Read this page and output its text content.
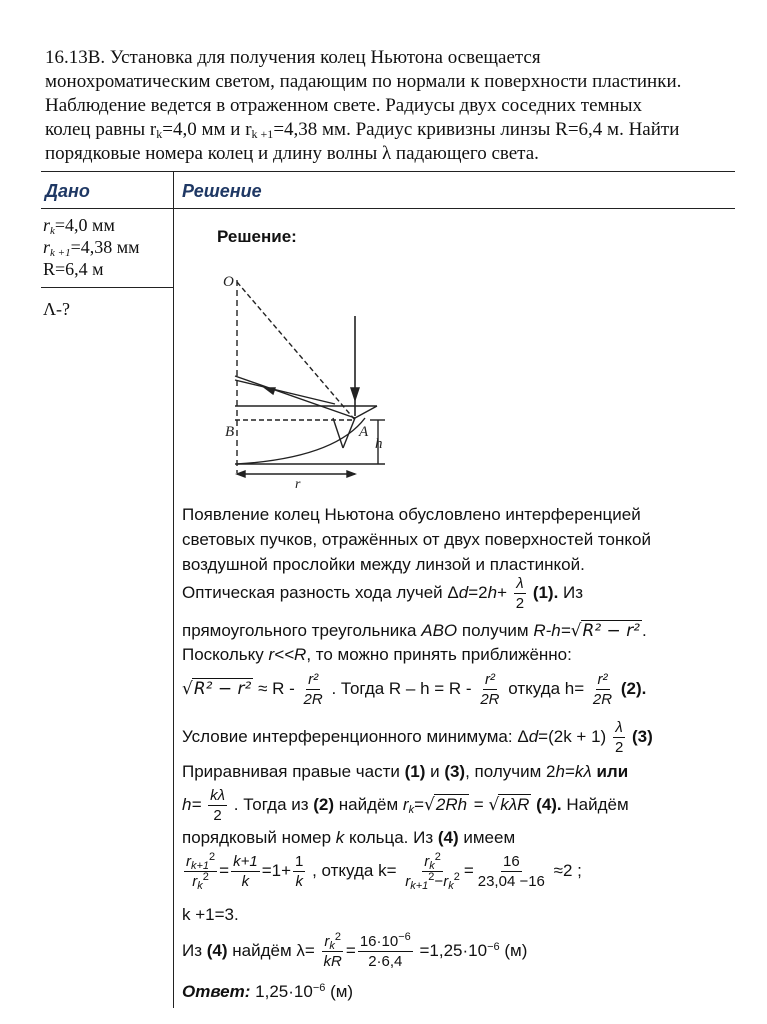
16.13В. Установка для получения колец Ньютона освещается
монохроматическим светом, падающим по нормали к поверхности пластинки.
Наблюдение ведется в отраженном свете. Радиусы двух соседних темных
колец равны $r_k=4,0$ мм и $r_{k +1}=4,38$ мм. Радиус кривизны линзы R=6,4 м. Найти
порядковые номера колец и длину волны λ падающего света.
Дано	Решение
$r_k=4,0$ мм
$r_{k +1}=4,38$ мм
R=6,4 м
Λ-?
Решение:
O
B	A
h
r
Появление колец Ньютона обусловлено интерференцией
световых пучков, отражённых от двух поверхностей тонкой
воздушной прослойки между линзой и пластинкой.
Оптическая разность хода лучей $\Delta d=2h+ \frac{\lambda}{2} (1)$. Из
прямоугольного треугольника ABO получим R-h=√R² − r² .
Поскольку r<<R, то можно принять приближённо:
$√R^2 - r^2 \approx R - \frac{\text{r²}}{2R}$ . Тогда $R - h = R - \frac{\text{r²}}{2R}$ откуда $h= \frac{\text{r²}}{2R} (2)$.
Условие интерференционного минимума: $\Delta d=(2k + 1) \frac{\lambda}{2} (3)$
Приравнивая правые части (1) и (3), получим 2h=kλ или
$h= \frac{k\lambda}{2}$ . Тогда из (2) найдём $r_k=√2Rh = √k\lambda R$ (4). Найдём
порядковый номер k кольца. Из (4) имеем
$\frac{r_{k+1}^2}{r_k^2} = \frac{k+1}{k} =1+ \frac{1}{k}$ , откуда $k= \frac{r_k^2}{r_{k+1}^2-r_k^2} = \frac{16}{23,04 -16} \approx 2$ ;
k +1=3.
Из (4) найдём $\lambda= \frac{r_k^2}{kR} = \frac{16\cdot 10^{-6}}{2\cdot 6,4} =1,25\cdot 10^{-6}$ (м)
Ответ: $1,25\cdot 10^{-6}$ (м)
